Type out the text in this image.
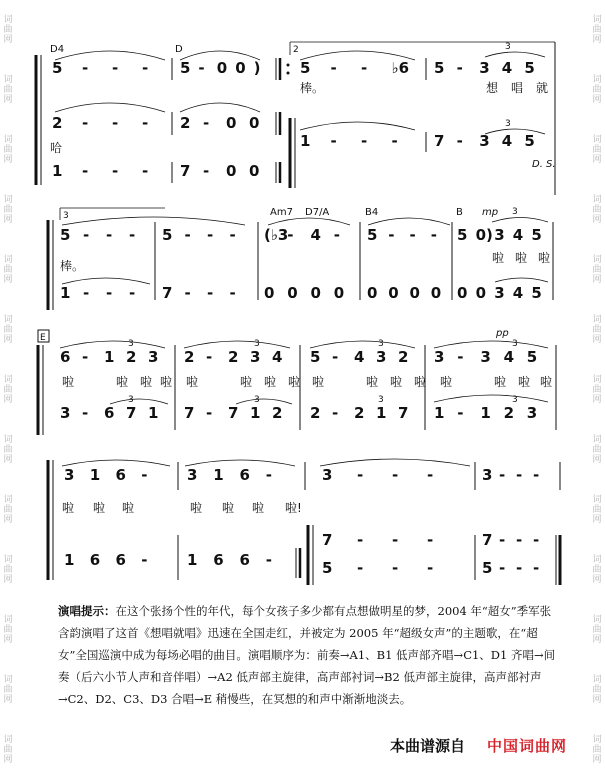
词
曲
网
词
曲
网
词
曲
网
词
曲
网
词
曲
网
词
曲
网
词
曲
网
词
曲
网
词
曲
网
词
曲
网
词
曲
网
词
曲
网
词
曲
网
词
曲
网
词
曲
网
词
曲
网
词
曲
网
词
曲
网
词
曲
网
词
曲
网
词
曲
网
词
曲
网
词
曲
网
词
曲
网
词
曲
网
词
曲
网
D4	D	2
5 - - - 5 - 0 0 )	5 - - ♭6 5 - 3 4 5
3
棒。	想 唱 就
2 - - - 2 - 0 0
1 - - - 7 - 3 4 5
3
哈
1 - - - 7 - 0 0	D. S.
3	Am7 D7/A	B4	B mp
5 - - - 5 - - - (♭3
- 4 - 5 - - - 5 0) 3 4 5
3
棒。
啦 啦 啦
1 - - - 7 - - - 0 0 0 0 0 0 0 0 0 0 3 4 5
E	pp
6 - 1 2 3 2 - 2 3 4 5 - 4 3 2 3 - 3 4 5
3	3	3	3
啦	啦 啦 啦 啦	啦 啦 啦 啦	啦 啦 啦 啦	啦 啦 啦
3 - 6 7 1 7 - 7 1 2 2 - 2 1 7 1 - 1 2 3
3	3	3	3
3 1 6 -	3 1 6 -	3 - - -	3 - - -
啦 啦 啦	啦 啦 啦 啦!
7 - - -	7 - - -
1 6 6 -	1 6 6 -	5 - - -	5 - - -
演唱提示：在这个张扬个性的年代，每个女孩子多少都有点想做明星的梦，2004 年“超女”季军张含韵演唱了这首《想唱就唱》迅速在全国走红，并被定为 2005 年“超级女声”的主题歌，在“超女”全国巡演中成为每场必唱的曲目。演唱顺序为：前奏→A1、B1 低声部齐唱→C1、D1 齐唱→间奏（后六小节人声和音伴唱）→A2 低声部主旋律，高声部衬词→B2 低声部主旋律，高声部衬声→C2、D2、C3、D3 合唱→E 稍慢些，在冥想的和声中渐渐地淡去。
本曲谱源自 中国词曲网
